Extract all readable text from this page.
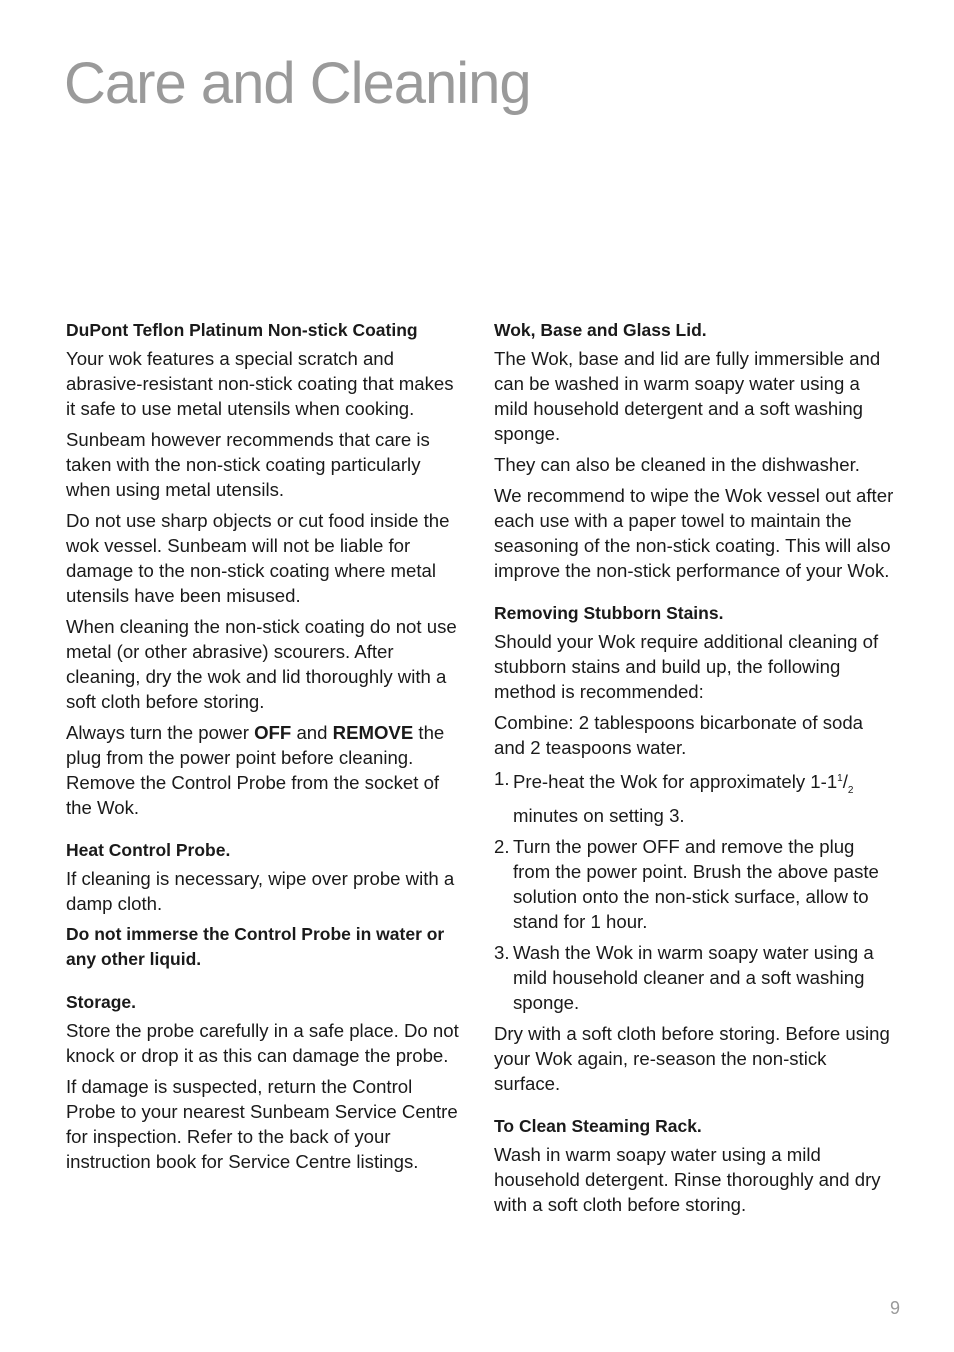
Care and Cleaning
DuPont Teflon Platinum Non-stick Coating

Your wok features a special scratch and abrasive-resistant non-stick coating that makes it safe to use metal utensils when cooking.

Sunbeam however recommends that care is taken with the non-stick coating particularly when using metal utensils.

Do not use sharp objects or cut food inside the wok vessel. Sunbeam will not be liable for damage to the non-stick coating where metal utensils have been misused.

When cleaning the non-stick coating do not use metal (or other abrasive) scourers. After cleaning, dry the wok and lid thoroughly with a soft cloth before storing.

Always turn the power OFF and REMOVE the plug from the power point before cleaning. Remove the Control Probe from the socket of the Wok.

Heat Control Probe.

If cleaning is necessary, wipe over probe with a damp cloth.

Do not immerse the Control Probe in water or any other liquid.

Storage.

Store the probe carefully in a safe place. Do not knock or drop it as this can damage the probe.

If damage is suspected, return the Control Probe to your nearest Sunbeam Service Centre for inspection. Refer to the back of your instruction book for Service Centre listings.

Wok, Base and Glass Lid.

The Wok, base and lid are fully immersible and can be washed in warm soapy water using a mild household detergent and a soft washing sponge.

They can also be cleaned in the dishwasher.

We recommend to wipe the Wok vessel out after each use with a paper towel to maintain the seasoning of the non-stick coating. This will also improve the non-stick performance of your Wok.

Removing Stubborn Stains.

Should your Wok require additional cleaning of stubborn stains and build up, the following method is recommended:

Combine: 2 tablespoons bicarbonate of soda and 2 teaspoons water.

1. Pre-heat the Wok for approximately $1-1^1/_2$ minutes on setting 3.
2. Turn the power OFF and remove the plug from the power point. Brush the above paste solution onto the non-stick surface, allow to stand for 1 hour.
3. Wash the Wok in warm soapy water using a mild household cleaner and a soft washing sponge.

Dry with a soft cloth before storing. Before using your Wok again, re-season the non-stick surface.

To Clean Steaming Rack.

Wash in warm soapy water using a mild household detergent. Rinse thoroughly and dry with a soft cloth before storing.

9
